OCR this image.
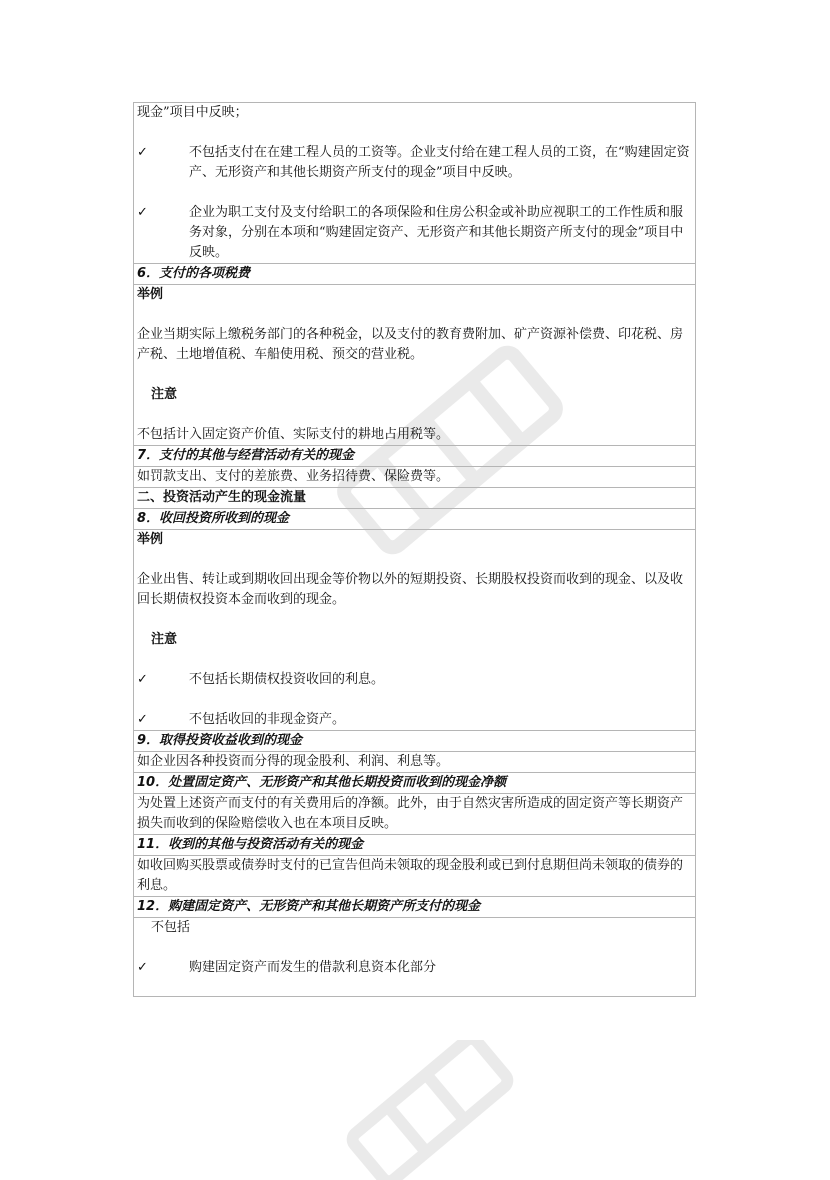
现金”项目中反映；

✓	不包括支付在在建工程人员的工资等。企业支付给在建工程人员的工资，在“购建固定资产、无形资产和其他长期资产所支付的现金”项目中反映。
✓	企业为职工支付及支付给职工的各项保险和住房公积金或补助应视职工的工作性质和服务对象，分别在本项和“购建固定资产、无形资产和其他长期资产所支付的现金”项目中反映。
6．支付的各项税费
举例

企业当期实际上缴税务部门的各种税金，以及支付的教育费附加、矿产资源补偿费、印花税、房产税、土地增值税、车船使用税、预交的营业税。

注意

不包括计入固定资产价值、实际支付的耕地占用税等。

7．支付的其他与经营活动有关的现金
如罚款支出、支付的差旅费、业务招待费、保险费等。
二、投资活动产生的现金流量
8．收回投资所收到的现金
举例

企业出售、转让或到期收回出现金等价物以外的短期投资、长期股权投资而收到的现金、以及收回长期债权投资本金而收到的现金。

注意
✓	不包括长期债权投资收回的利息。
✓	不包括收回的非现金资产。
9．取得投资收益收到的现金
如企业因各种投资而分得的现金股利、利润、利息等。
10．处置固定资产、无形资产和其他长期投资而收到的现金净额
为处置上述资产而支付的有关费用后的净额。此外，由于自然灾害所造成的固定资产等长期资产损失而收到的保险赔偿收入也在本项目反映。
11．收到的其他与投资活动有关的现金
如收回购买股票或债券时支付的已宣告但尚未领取的现金股利或已到付息期但尚未领取的债券的利息。
12．购建固定资产、无形资产和其他长期资产所支付的现金
不包括
✓	购建固定资产而发生的借款利息资本化部分
